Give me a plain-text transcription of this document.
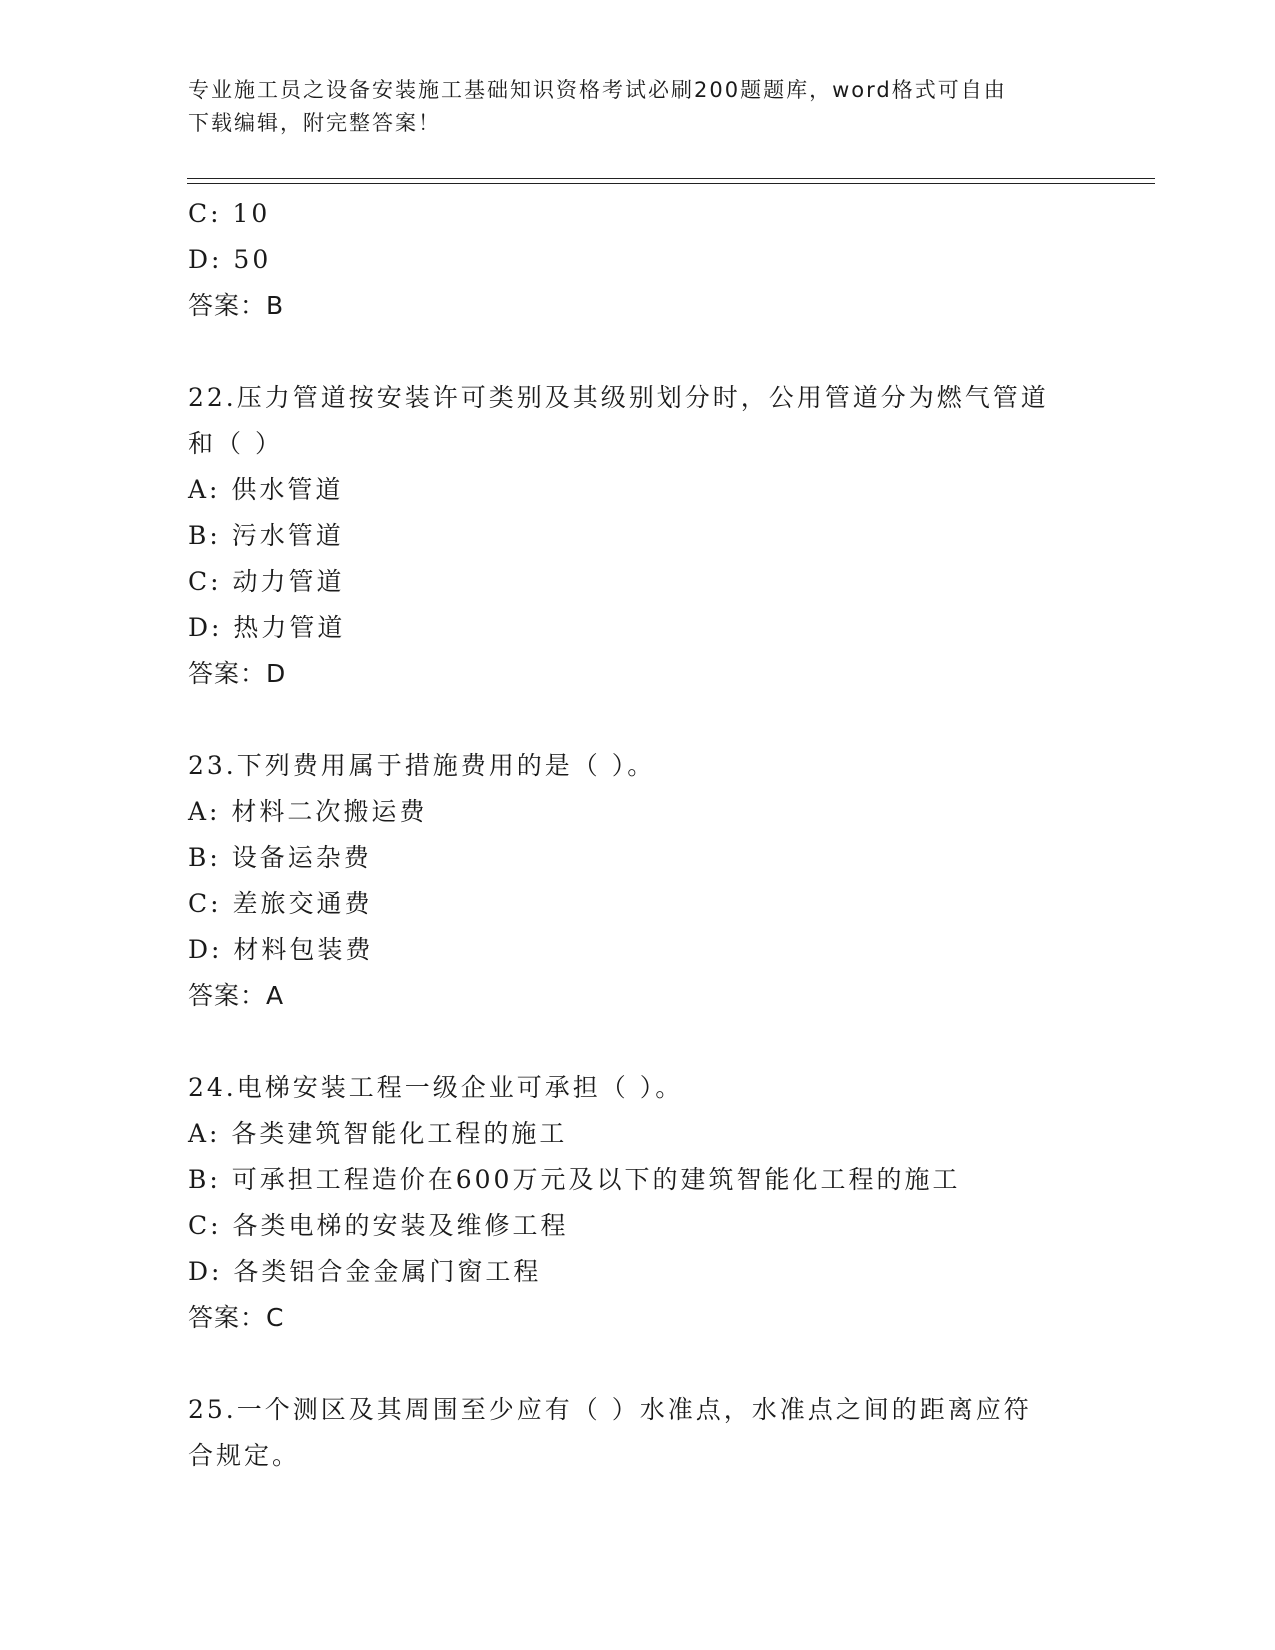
专业施工员之设备安装施工基础知识资格考试必刷200题题库，word格式可自由
下载编辑，附完整答案！
C: 10
D: 50
答案：B
22.压力管道按安装许可类别及其级别划分时，公用管道分为燃气管道
和（ ）
A: 供水管道
B: 污水管道
C: 动力管道
D: 热力管道
答案：D
23.下列费用属于措施费用的是（ ）。
A: 材料二次搬运费
B: 设备运杂费
C: 差旅交通费
D: 材料包装费
答案：A
24.电梯安装工程一级企业可承担（ ）。
A: 各类建筑智能化工程的施工
B: 可承担工程造价在600万元及以下的建筑智能化工程的施工
C: 各类电梯的安装及维修工程
D: 各类铝合金金属门窗工程
答案：C
25.一个测区及其周围至少应有（ ）水准点，水准点之间的距离应符
合规定。
